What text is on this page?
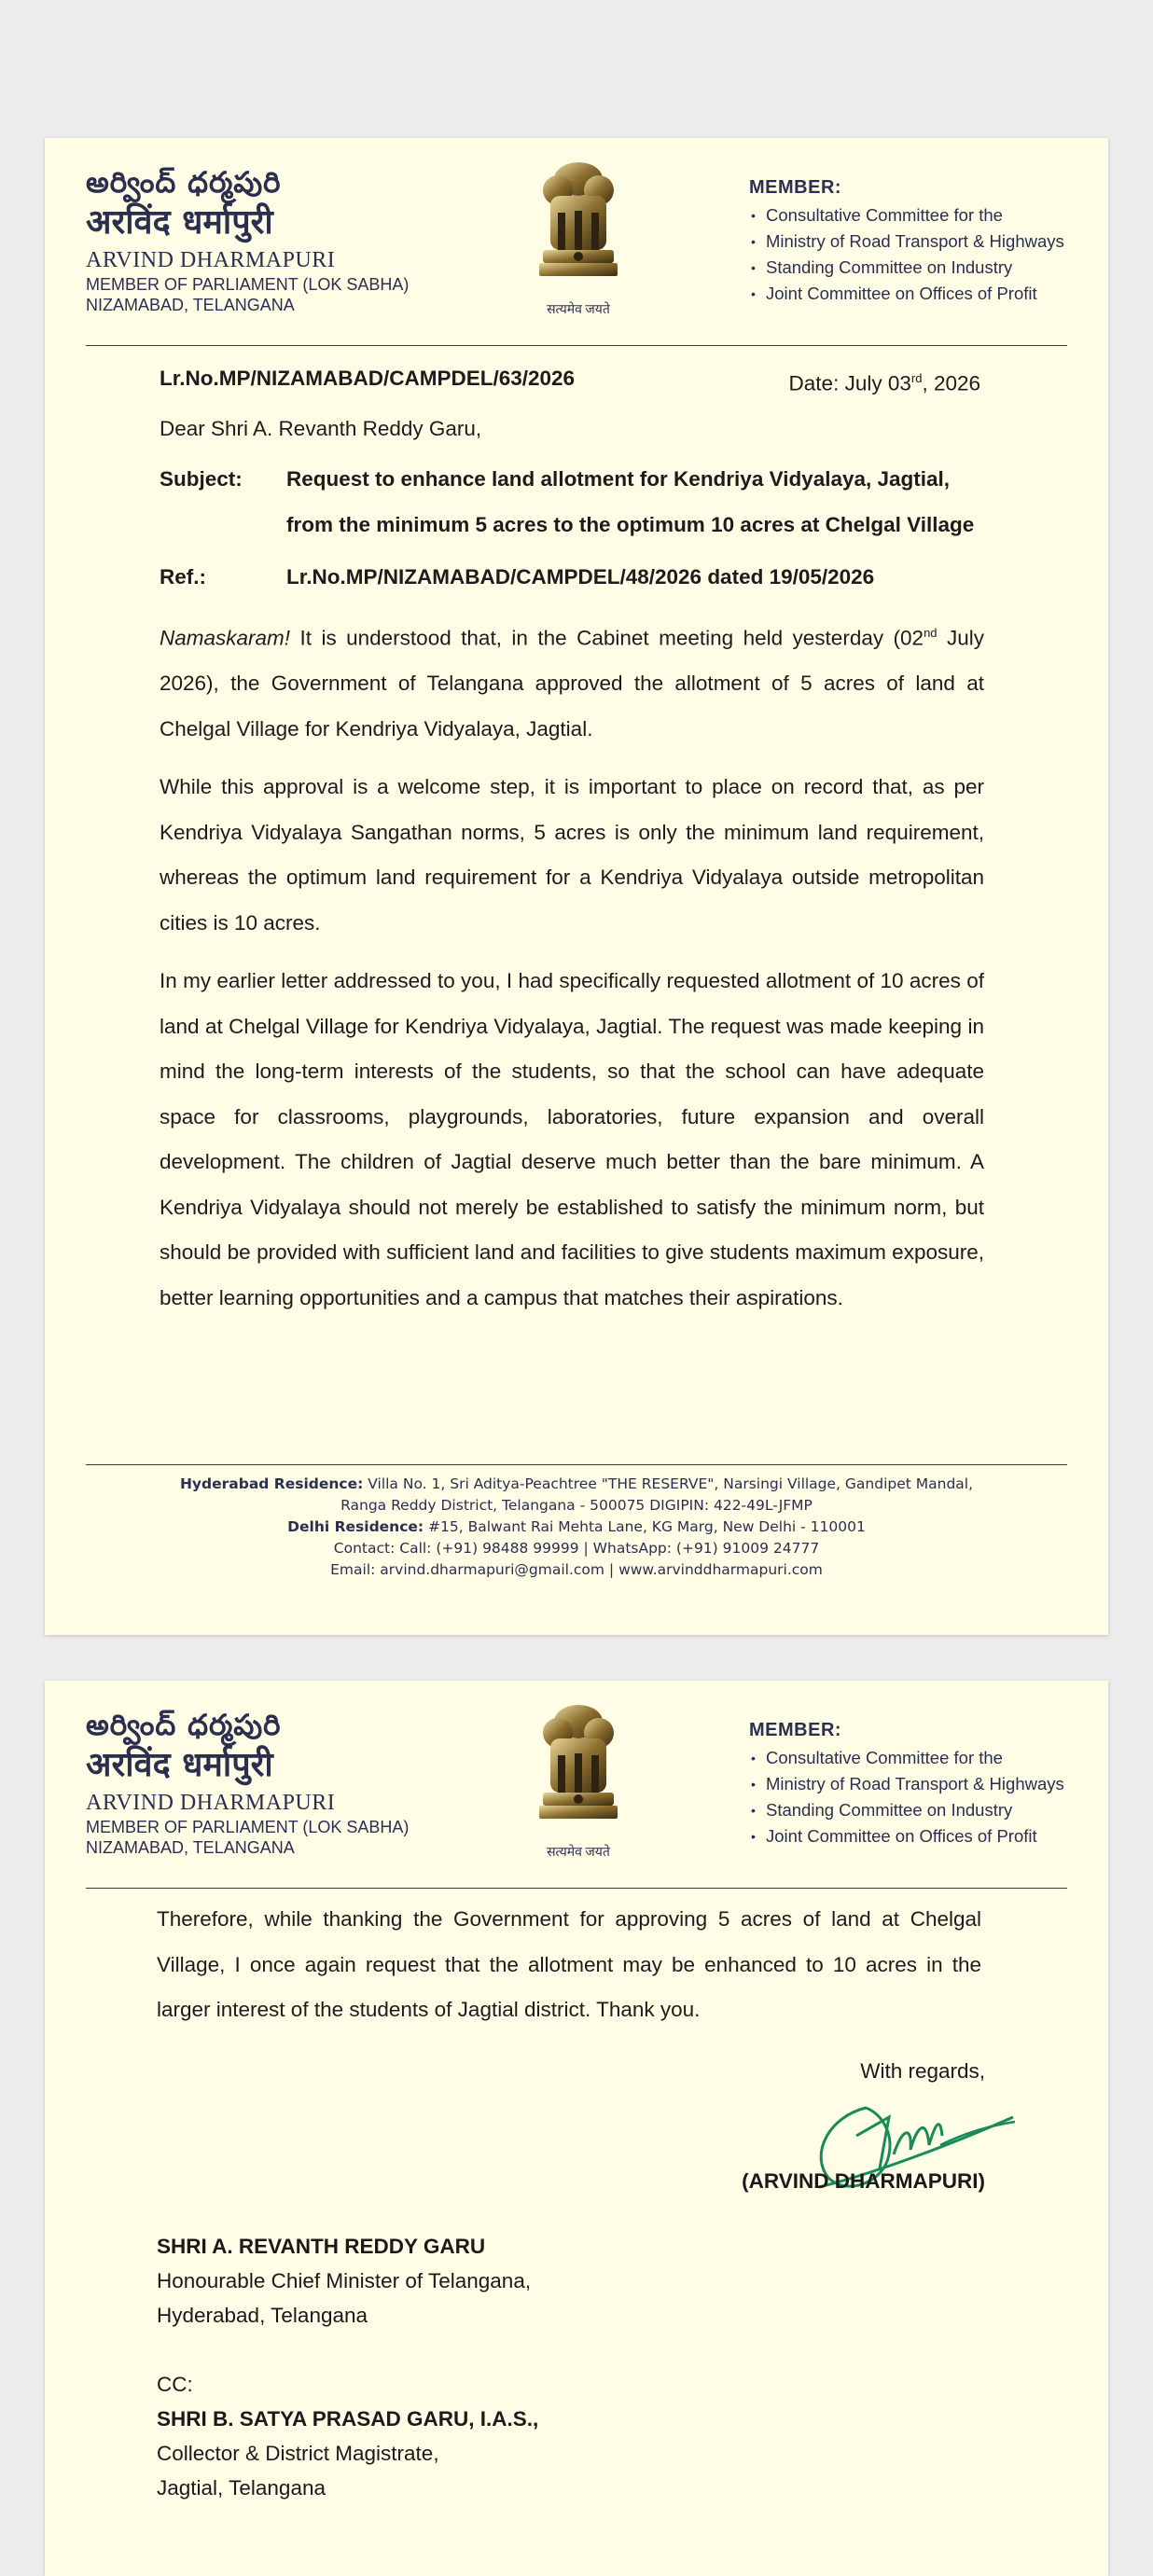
అర్వింద్ ధర్మపురి
अरविंद धर्मापुरी
ARVIND DHARMAPURI
MEMBER OF PARLIAMENT (LOK SABHA)
NIZAMABAD, TELANGANA	सत्यमेव जयते
MEMBER:
• Consultative Committee for the
• Ministry of Road Transport & Highways
• Standing Committee on Industry
• Joint Committee on Offices of Profit
Lr.No.MP/NIZAMABAD/CAMPDEL/63/2026	Date: July 03rd, 2026
Dear Shri A. Revanth Reddy Garu,
Subject: Request to enhance land allotment for Kendriya Vidyalaya, Jagtial, from the minimum 5 acres to the optimum 10 acres at Chelgal Village
Ref.:	Lr.No.MP/NIZAMABAD/CAMPDEL/48/2026 dated 19/05/2026

Namaskaram! It is understood that, in the Cabinet meeting held yesterday (02nd July 2026), the Government of Telangana approved the allotment of 5 acres of land at Chelgal Village for Kendriya Vidyalaya, Jagtial.

While this approval is a welcome step, it is important to place on record that, as per Kendriya Vidyalaya Sangathan norms, 5 acres is only the minimum land requirement, whereas the optimum land requirement for a Kendriya Vidyalaya outside metropolitan cities is 10 acres.

In my earlier letter addressed to you, I had specifically requested allotment of 10 acres of land at Chelgal Village for Kendriya Vidyalaya, Jagtial. The request was made keeping in mind the long-term interests of the students, so that the school can have adequate space for classrooms, playgrounds, laboratories, future expansion and overall development. The children of Jagtial deserve much better than the bare minimum. A Kendriya Vidyalaya should not merely be established to satisfy the minimum norm, but should be provided with sufficient land and facilities to give students maximum exposure, better learning opportunities and a campus that matches their aspirations.

Hyderabad Residence: Villa No. 1, Sri Aditya-Peachtree "THE RESERVE", Narsingi Village, Gandipet Mandal,
Ranga Reddy District, Telangana - 500075 DIGIPIN: 422-49L-JFMP
Delhi Residence: #15, Balwant Rai Mehta Lane, KG Marg, New Delhi - 110001
Contact: Call: (+91) 98488 99999 | WhatsApp: (+91) 91009 24777
Email: arvind.dharmapuri@gmail.com | www.arvinddharmapuri.com
అర్వింద్ ధర్మపురి
अरविंद धर्मापुरी
ARVIND DHARMAPURI
MEMBER OF PARLIAMENT (LOK SABHA)
NIZAMABAD, TELANGANA	सत्यमेव जयते
MEMBER:
• Consultative Committee for the
• Ministry of Road Transport & Highways
• Standing Committee on Industry
• Joint Committee on Offices of Profit

Therefore, while thanking the Government for approving 5 acres of land at Chelgal Village, I once again request that the allotment may be enhanced to 10 acres in the larger interest of the students of Jagtial district. Thank you.

With regards,
(ARVIND DHARMAPURI)
SHRI A. REVANTH REDDY GARU
Honourable Chief Minister of Telangana,
Hyderabad, Telangana
CC:
SHRI B. SATYA PRASAD GARU, I.A.S.,
Collector & District Magistrate,
Jagtial, Telangana
